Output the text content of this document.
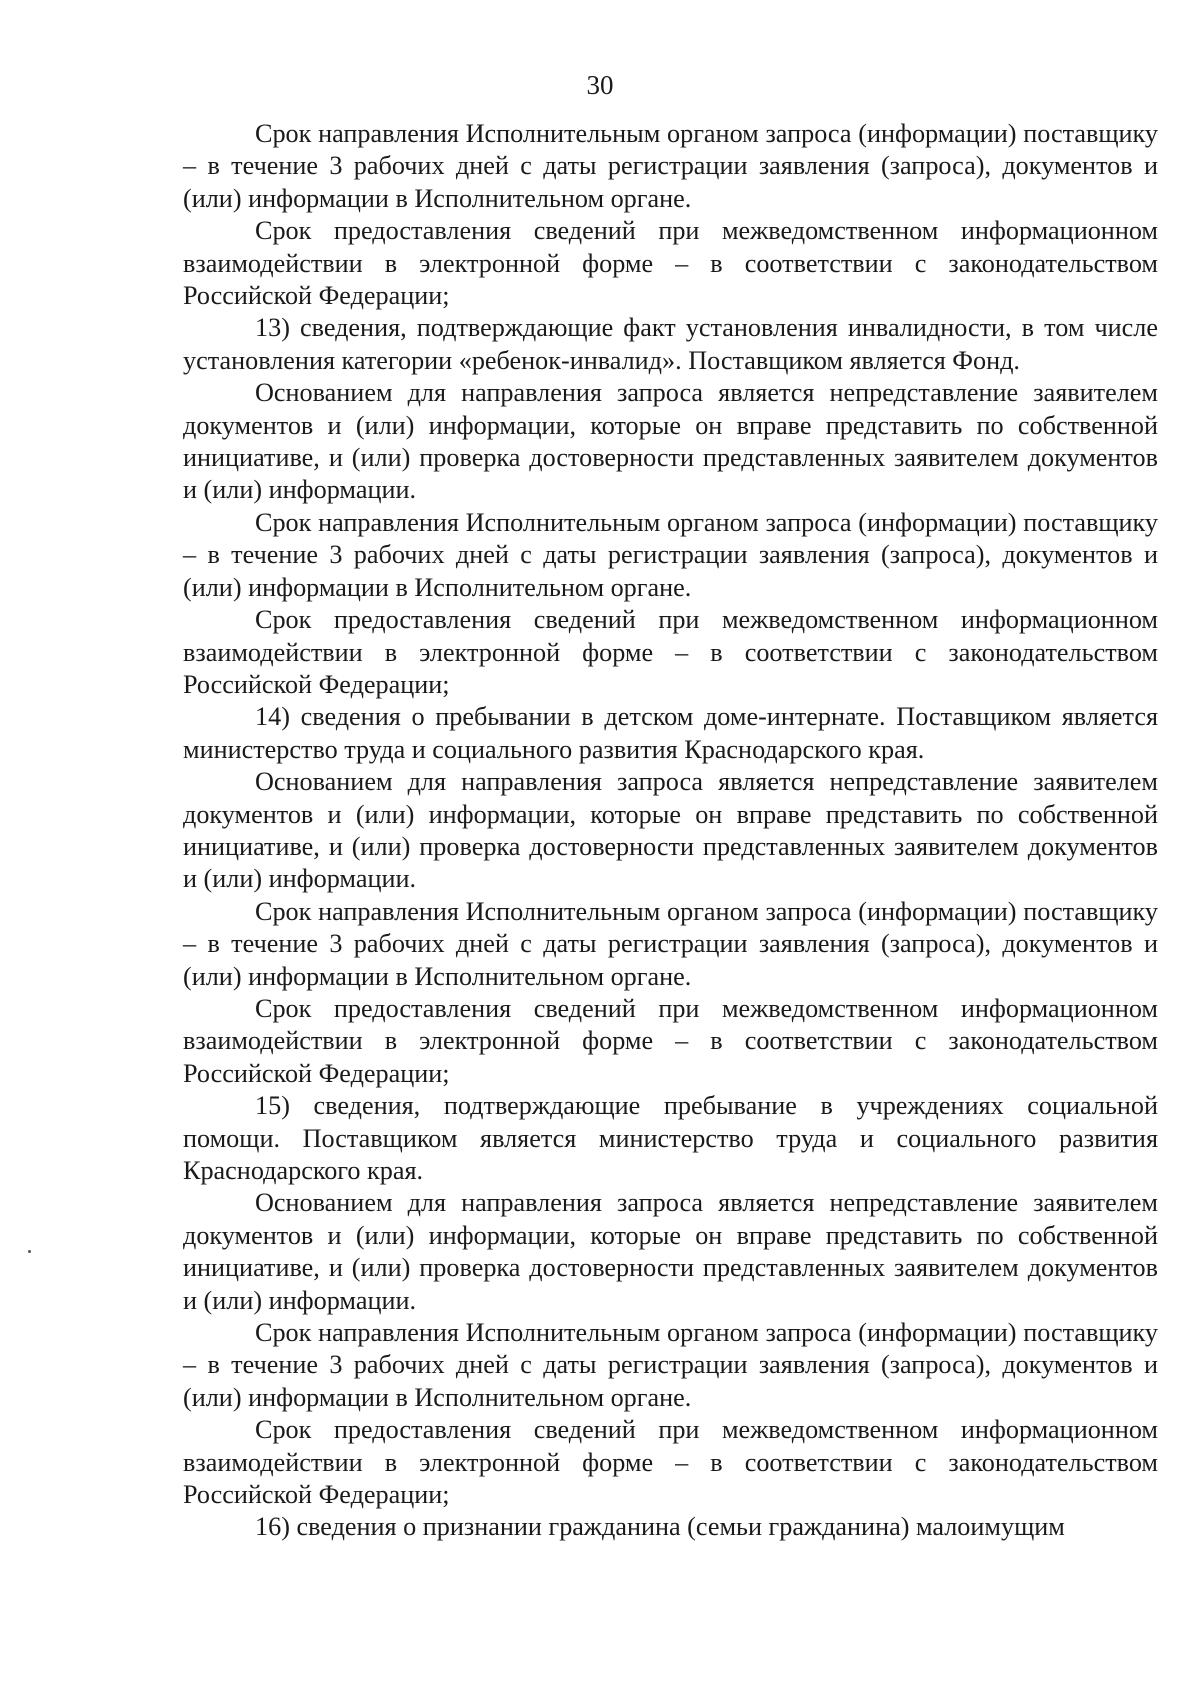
30

Срок направления Исполнительным органом запроса (информации) поставщику – в течение 3 рабочих дней с даты регистрации заявления (запроса), документов и (или) информации в Исполнительном органе.

Срок предоставления сведений при межведомственном информационном взаимодействии в электронной форме – в соответствии с законодательством Российской Федерации;

13) сведения, подтверждающие факт установления инвалидности, в том числе установления категории «ребенок-инвалид». Поставщиком является Фонд.

Основанием для направления запроса является непредставление заявителем документов и (или) информации, которые он вправе представить по собственной инициативе, и (или) проверка достоверности представленных заявителем документов и (или) информации.

Срок направления Исполнительным органом запроса (информации) поставщику – в течение 3 рабочих дней с даты регистрации заявления (запроса), документов и (или) информации в Исполнительном органе.

Срок предоставления сведений при межведомственном информационном взаимодействии в электронной форме – в соответствии с законодательством Российской Федерации;

14) сведения о пребывании в детском доме-интернате. Поставщиком является министерство труда и социального развития Краснодарского края.

Основанием для направления запроса является непредставление заявителем документов и (или) информации, которые он вправе представить по собственной инициативе, и (или) проверка достоверности представленных заявителем документов и (или) информации.

Срок направления Исполнительным органом запроса (информации) поставщику – в течение 3 рабочих дней с даты регистрации заявления (запроса), документов и (или) информации в Исполнительном органе.

Срок предоставления сведений при межведомственном информационном взаимодействии в электронной форме – в соответствии с законодательством Российской Федерации;

15) сведения, подтверждающие пребывание в учреждениях социальной помощи. Поставщиком является министерство труда и социального развития Краснодарского края.

Основанием для направления запроса является непредставление заявителем документов и (или) информации, которые он вправе представить по собственной инициативе, и (или) проверка достоверности представленных заявителем документов и (или) информации.

Срок направления Исполнительным органом запроса (информации) поставщику – в течение 3 рабочих дней с даты регистрации заявления (запроса), документов и (или) информации в Исполнительном органе.

Срок предоставления сведений при межведомственном информационном взаимодействии в электронной форме – в соответствии с законодательством Российской Федерации;

16) сведения о признании гражданина (семьи гражданина) малоимущим
